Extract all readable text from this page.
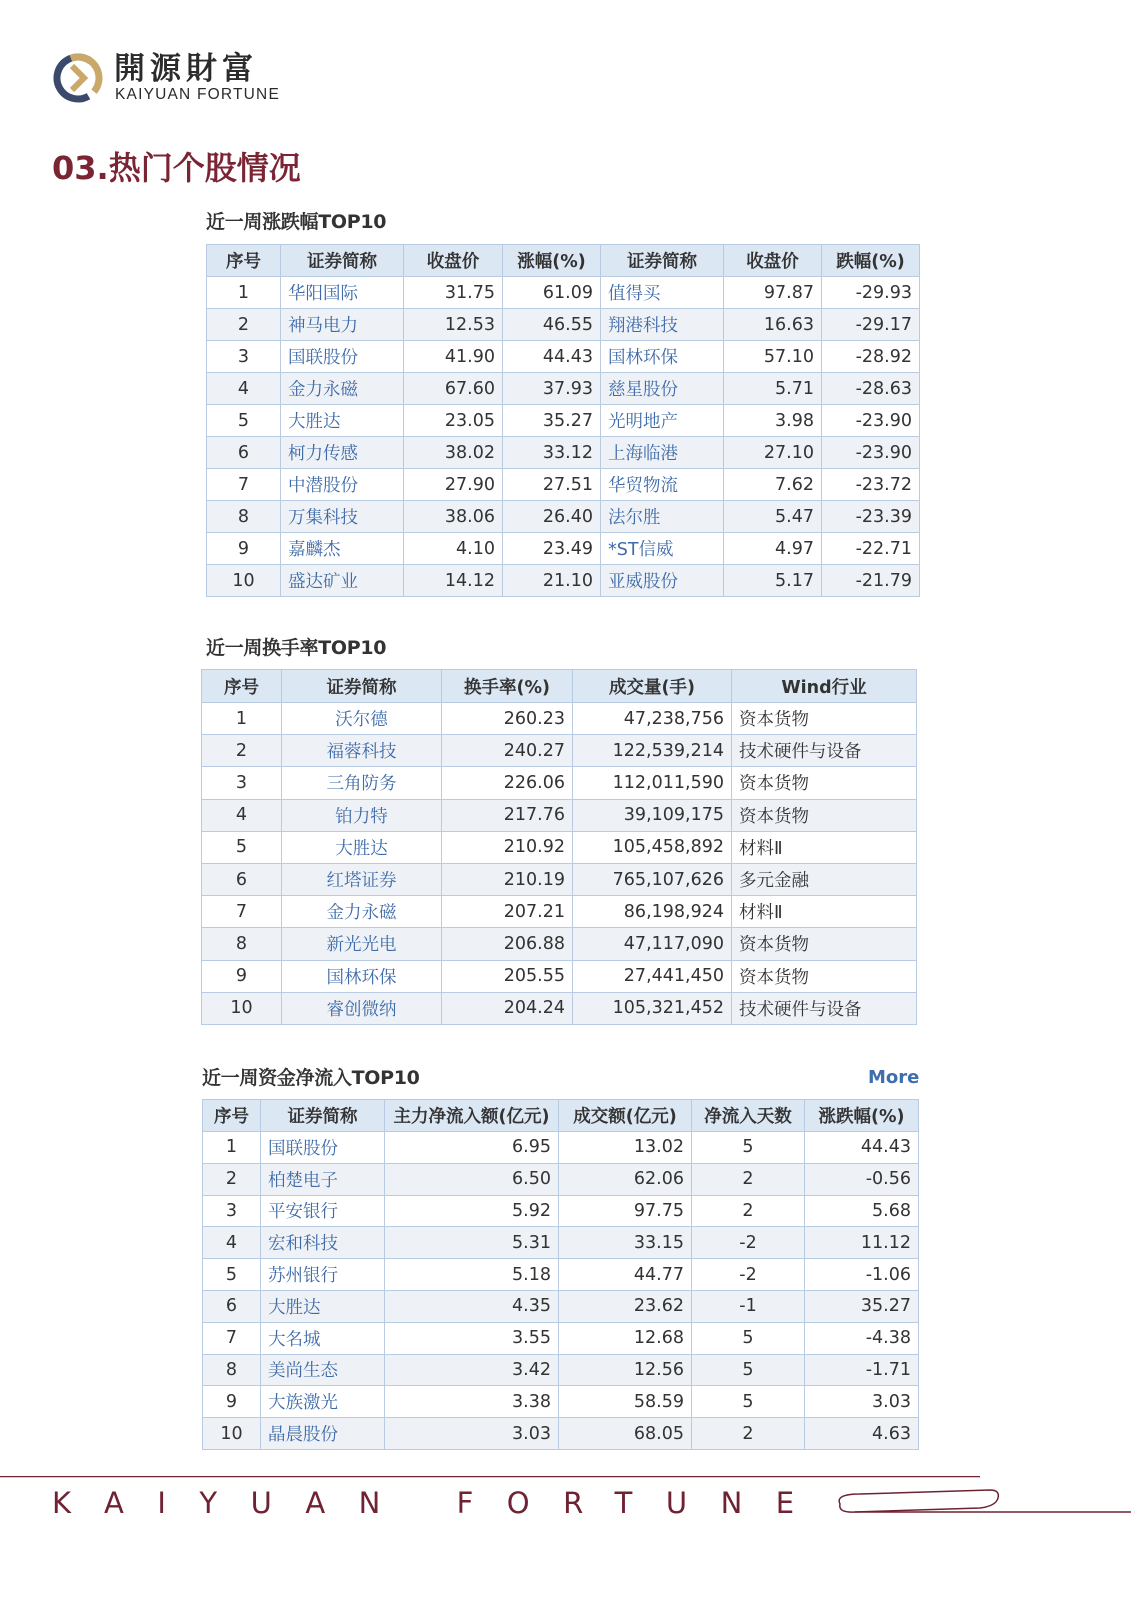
開源財富
KAIYUAN FORTUNE
03.热门个股情况
近一周涨跌幅TOP10
序号	证券简称	收盘价	涨幅(%)	证券简称	收盘价	跌幅(%)
1	华阳国际	31.75	61.09	值得买	97.87	-29.93
2	神马电力	12.53	46.55	翔港科技	16.63	-29.17
3	国联股份	41.90	44.43	国林环保	57.10	-28.92
4	金力永磁	67.60	37.93	慈星股份	5.71	-28.63
5	大胜达	23.05	35.27	光明地产	3.98	-23.90
6	柯力传感	38.02	33.12	上海临港	27.10	-23.90
7	中潜股份	27.90	27.51	华贸物流	7.62	-23.72
8	万集科技	38.06	26.40	法尔胜	5.47	-23.39
9	嘉麟杰	4.10	23.49	*ST信威	4.97	-22.71
10	盛达矿业	14.12	21.10	亚威股份	5.17	-21.79
近一周换手率TOP10
序号	证券简称	换手率(%)	成交量(手)	Wind行业
1	沃尔德	260.23	47,238,756	资本货物
2	福蓉科技	240.27	122,539,214	技术硬件与设备
3	三角防务	226.06	112,011,590	资本货物
4	铂力特	217.76	39,109,175	资本货物
5	大胜达	210.92	105,458,892	材料Ⅱ
6	红塔证券	210.19	765,107,626	多元金融
7	金力永磁	207.21	86,198,924	材料Ⅱ
8	新光光电	206.88	47,117,090	资本货物
9	国林环保	205.55	27,441,450	资本货物
10	睿创微纳	204.24	105,321,452	技术硬件与设备
近一周资金净流入TOP10	More
序号	证券简称	主力净流入额(亿元)	成交额(亿元)	净流入天数	涨跌幅(%)
1	国联股份	6.95	13.02	5	44.43
2	柏楚电子	6.50	62.06	2	-0.56
3	平安银行	5.92	97.75	2	5.68
4	宏和科技	5.31	33.15	-2	11.12
5	苏州银行	5.18	44.77	-2	-1.06
6	大胜达	4.35	23.62	-1	35.27
7	大名城	3.55	12.68	5	-4.38
8	美尚生态	3.42	12.56	5	-1.71
9	大族激光	3.38	58.59	5	3.03
10	晶晨股份	3.03	68.05	2	4.63
KAIYUAN FORTUNE
